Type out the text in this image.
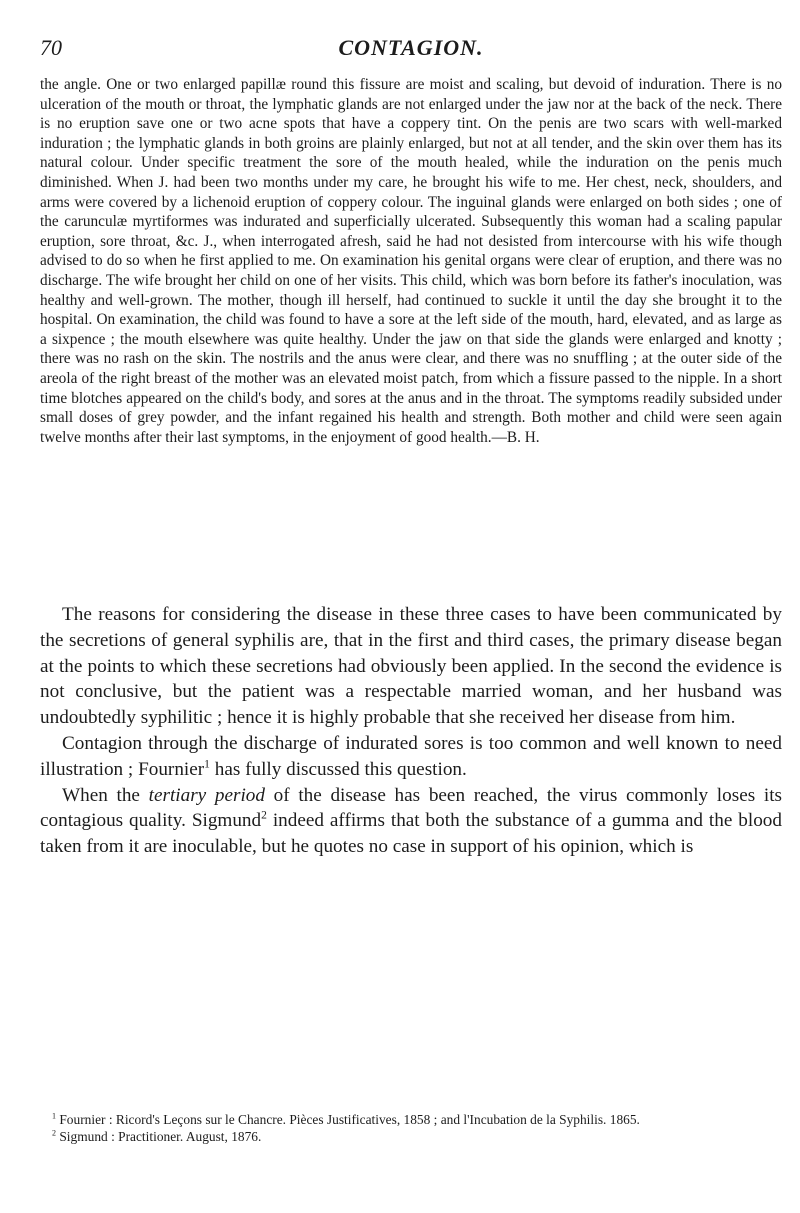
70	CONTAGION.

the angle. One or two enlarged papillæ round this fissure are moist and scaling, but devoid of induration. There is no ulceration of the mouth or throat, the lymphatic glands are not enlarged under the jaw nor at the back of the neck. There is no eruption save one or two acne spots that have a coppery tint. On the penis are two scars with well-marked induration ; the lymphatic glands in both groins are plainly enlarged, but not at all tender, and the skin over them has its natural colour. Under specific treatment the sore of the mouth healed, while the induration on the penis much diminished. When J. had been two months under my care, he brought his wife to me. Her chest, neck, shoulders, and arms were covered by a lichenoid eruption of coppery colour. The inguinal glands were enlarged on both sides ; one of the carunculæ myrtiformes was indurated and superficially ulcerated. Subsequently this woman had a scaling papular eruption, sore throat, &c. J., when interrogated afresh, said he had not desisted from intercourse with his wife though advised to do so when he first applied to me. On examination his genital organs were clear of eruption, and there was no discharge. The wife brought her child on one of her visits. This child, which was born before its father's inoculation, was healthy and well-grown. The mother, though ill herself, had continued to suckle it until the day she brought it to the hospital. On examination, the child was found to have a sore at the left side of the mouth, hard, elevated, and as large as a sixpence ; the mouth elsewhere was quite healthy. Under the jaw on that side the glands were enlarged and knotty ; there was no rash on the skin. The nostrils and the anus were clear, and there was no snuffling ; at the outer side of the areola of the right breast of the mother was an elevated moist patch, from which a fissure passed to the nipple. In a short time blotches appeared on the child's body, and sores at the anus and in the throat. The symptoms readily subsided under small doses of grey powder, and the infant regained his health and strength. Both mother and child were seen again twelve months after their last symptoms, in the enjoyment of good health.—B. H.

The reasons for considering the disease in these three cases to have been communicated by the secretions of general syphilis are, that in the first and third cases, the primary disease began at the points to which these secretions had obviously been applied. In the second the evidence is not conclusive, but the patient was a respectable married woman, and her husband was undoubtedly syphilitic ; hence it is highly probable that she received her disease from him.

Contagion through the discharge of indurated sores is too common and well known to need illustration ; Fournier$^1$ has fully discussed this question.

When the tertiary period of the disease has been reached, the virus commonly loses its contagious quality. Sigmund$^2$ indeed affirms that both the substance of a gumma and the blood taken from it are inoculable, but he quotes no case in support of his opinion, which is

$^1$ Fournier : Ricord's Leçons sur le Chancre. Pièces Justificatives, 1858 ; and l'Incubation de la Syphilis. 1865.

$^2$ Sigmund : Practitioner. August, 1876.
